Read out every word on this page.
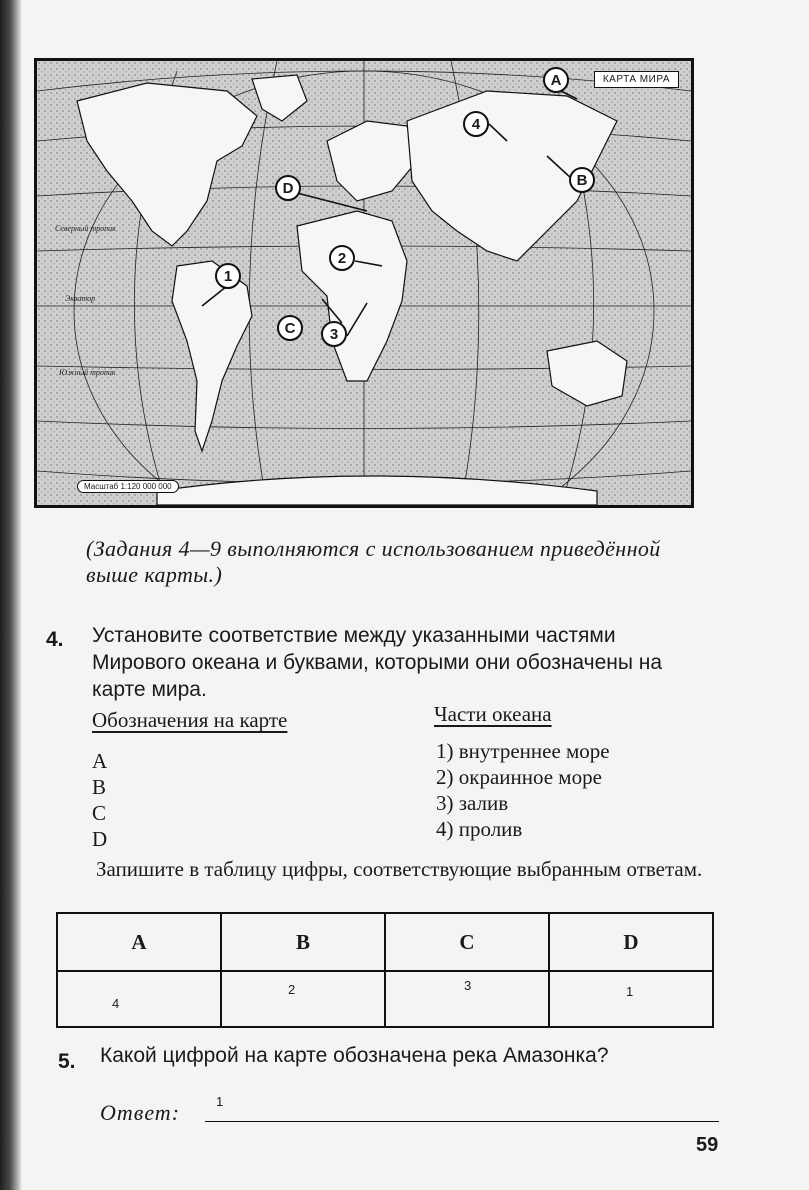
КАРТА МИРА
Масштаб 1:120 000 000
Северный тропик
Экватор
Южный тропик
A
B
C
D
1
2
3
4
(Задания 4—9 выполняются с использованием приведённой выше карты.)
4. Установите соответствие между указанными частями Мирового океана и буквами, которыми они обозначены на карте мира.
Обозначения на карте
A
B
C
D
Части океана
1) внутреннее море
2) окраинное море
3) залив
4) пролив
Запишите в таблицу цифры, соответствующие выбранным ответам.
A	B	C	D

4	2	3	1
5. Какой цифрой на карте обозначена река Амазонка?
Ответ:	1
59
